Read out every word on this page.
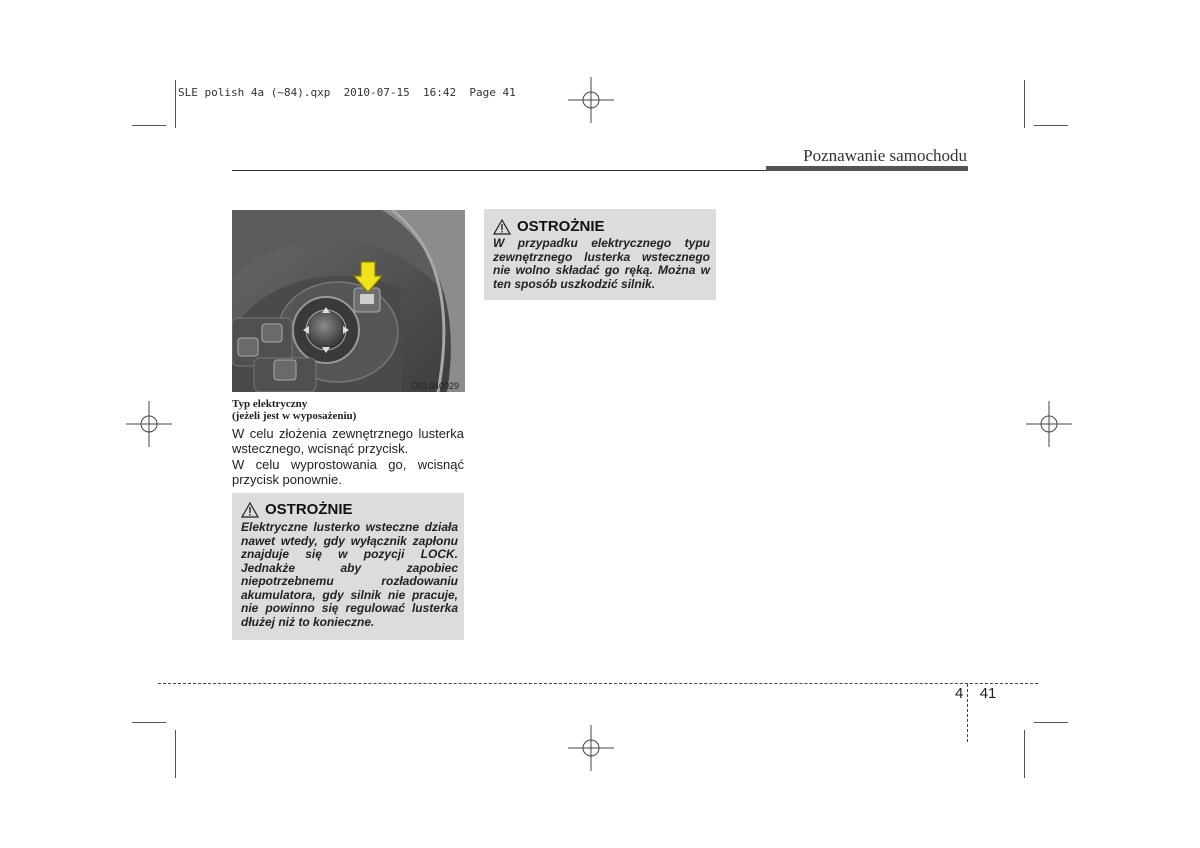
SLE polish 4a (~84).qxp  2010-07-15  16:42  Page 41
Poznawanie samochodu
OSL040029
Typ elektryczny
(jeżeli jest w wyposażeniu)
W celu złożenia zewnętrznego lusterka wstecznego, wcisnąć przycisk.
W celu wyprostowania go, wcisnąć przycisk ponownie.
OSTROŻNIE
Elektryczne lusterko wsteczne działa nawet wtedy, gdy wyłącznik zapłonu znajduje się w pozycji LOCK. Jednakże aby zapobiec niepotrzebnemu rozładowaniu akumulatora, gdy silnik nie pracuje, nie powinno się regulować lusterka dłużej niż to konieczne.
OSTROŻNIE
W przypadku elektrycznego typu zewnętrznego lusterka wstecznego nie wolno składać go ręką. Można w ten sposób uszkodzić silnik.
4 41
